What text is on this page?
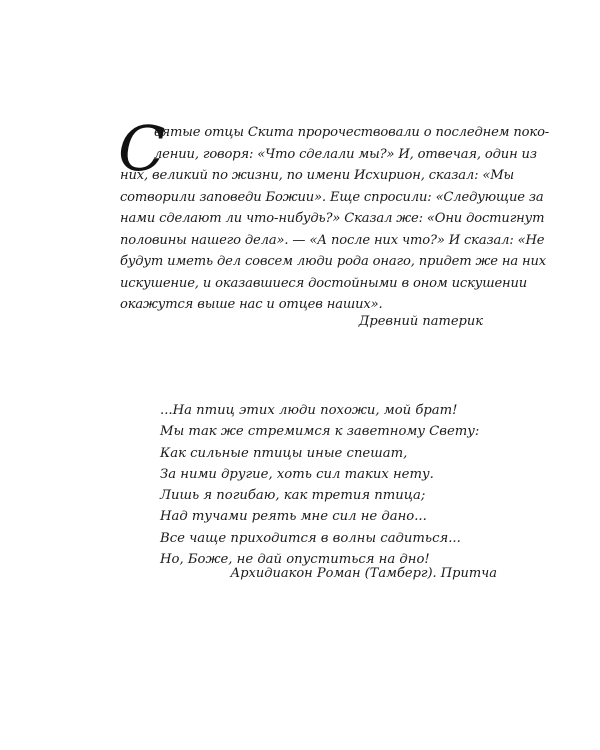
С
вятые отцы Скита пророчествовали о последнем поко-
лении, говоря: «Что сделали мы?» И, отвечая, один из
них, великий по жизни, по имени Исхирион, сказал: «Мы
сотворили заповеди Божии». Еще спросили: «Следующие за
нами сделают ли что-нибудь?» Сказал же: «Они достигнут
половины нашего дела». — «А после них что?» И сказал: «Не
будут иметь дел совсем люди рода онаго, придет же на них
искушение, и оказавшиеся достойными в оном искушении
окажутся выше нас и отцев наших».
Древний патерик
...На птиц этих люди похожи, мой брат!
Мы так же стремимся к заветному Свету:
Как сильные птицы иные спешат,
За ними другие, хоть сил таких нету.
Лишь я погибаю, как третия птица;
Над тучами реять мне сил не дано...
Все чаще приходится в волны садиться...
Но, Боже, не дай опуститься на дно!
Архидиакон Роман (Тамберг). Притча
